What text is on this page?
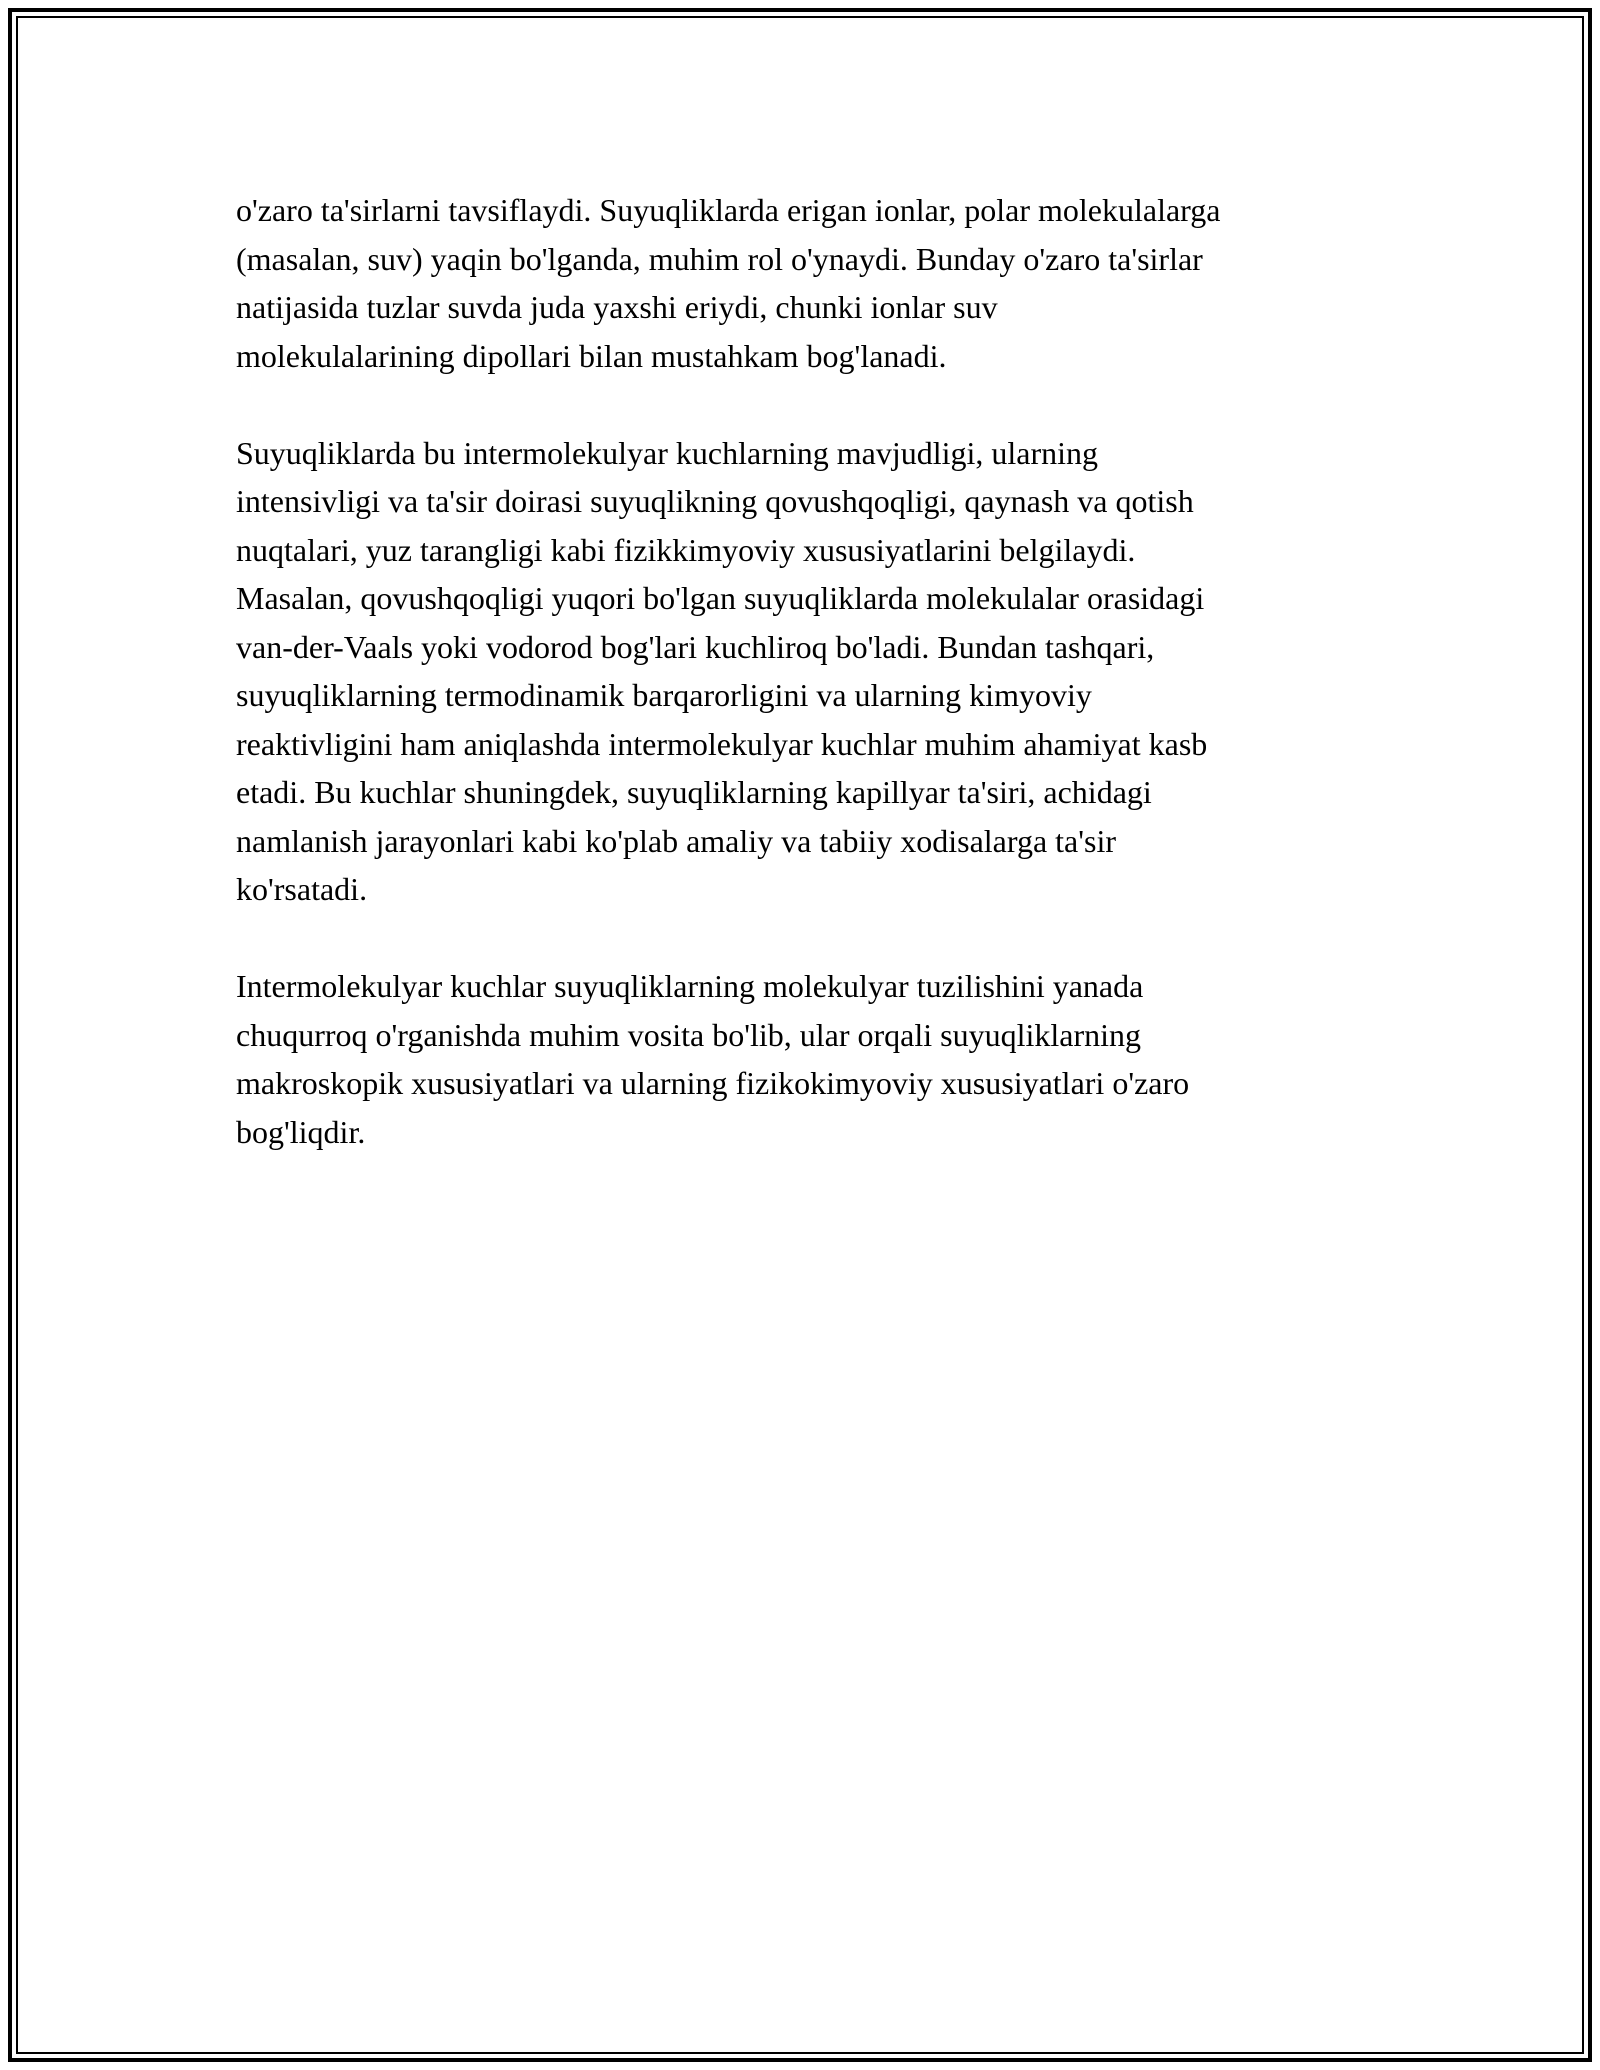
o'zaro ta'sirlarni tavsiflaydi. Suyuqliklarda erigan ionlar, polar molekulalarga
(masalan, suv) yaqin bo'lganda, muhim rol o'ynaydi. Bunday o'zaro ta'sirlar
natijasida tuzlar suvda juda yaxshi eriydi, chunki ionlar suv
molekulalarining dipollari bilan mustahkam bog'lanadi.

Suyuqliklarda bu intermolekulyar kuchlarning mavjudligi, ularning
intensivligi va ta'sir doirasi suyuqlikning qovushqoqligi, qaynash va qotish
nuqtalari, yuz tarangligi kabi fizikkimyoviy xususiyatlarini belgilaydi.
Masalan, qovushqoqligi yuqori bo'lgan suyuqliklarda molekulalar orasidagi
van-der-Vaals yoki vodorod bog'lari kuchliroq bo'ladi. Bundan tashqari,
suyuqliklarning termodinamik barqarorligini va ularning kimyoviy
reaktivligini ham aniqlashda intermolekulyar kuchlar muhim ahamiyat kasb
etadi. Bu kuchlar shuningdek, suyuqliklarning kapillyar ta'siri, achidagi
namlanish jarayonlari kabi ko'plab amaliy va tabiiy xodisalarga ta'sir
ko'rsatadi.

Intermolekulyar kuchlar suyuqliklarning molekulyar tuzilishini yanada
chuqurroq o'rganishda muhim vosita bo'lib, ular orqali suyuqliklarning
makroskopik xususiyatlari va ularning fizikokimyoviy xususiyatlari o'zaro
bog'liqdir.
